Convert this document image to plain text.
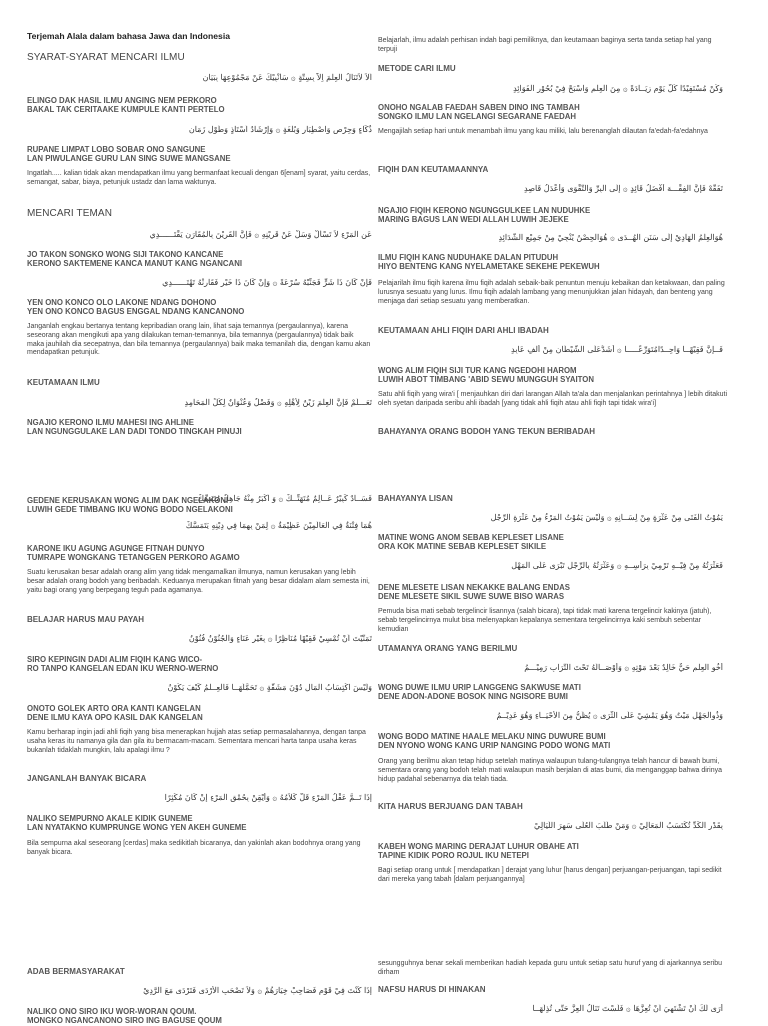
Terjemah Alala dalam bahasa Jawa dan Indonesia
SYARAT-SYARAT MENCARI ILMU
اَلاَ لاَتَنَالُ الْعِلْمَ اِلاَّ بِسِتَّةٍ ۞ سَأُنْبِيْكَ عَنْ مَجْمُوْعِهَا بِبَيَانٍ

ELINGO DAK HASIL ILMU ANGING NEM PERKORO
BAKAL TAK CERITAAKE KUMPULE KANTI PERTELO

ذُكَاءٍ وَحِرْصٍ وَاصْطِبَارٍ وَبُلْغَةٍ ۞ وَإِرْشَادُ اُسْتَاذٍ وَطُوْلِ زَمَانٍ

RUPANE LIMPAT LOBO SOBAR ONO SANGUNE
LAN PIWULANGE GURU LAN SING SUWE MANGSANE

Ingatlah..... kalian tidak akan mendapatkan ilmu yang bermanfaat kecuali dengan 6[enam] syarat, yaitu cerdas, semangat, sabar, biaya, petunjuk ustadz dan lama waktunya.

MENCARI TEMAN
عَنِ الْمَرْءِ لاَ تَسْأَلْ وَسَلْ عَنْ قَرِيْنِهِ ۞ فَإِنَّ الْقَرِيْنَ بِالْمُقَارَنِ يَقْتَــــــدِي

JO TAKON SONGKO WONG SIJI TAKONO KANCANE
KERONO SAKTEMENE KANCA MANUT KANG NGANCANI

فَإِنْ كَانَ ذَا شَرٍّ فَجَنِّبْهُ سُرْعَةً ۞ وَإِنْ كَانَ ذَا خَيْرٍ فَقَارِنْهُ تَهْتَــــــدِي

YEN ONO KONCO OLO LAKONE NDANG DOHONO
YEN ONO KONCO BAGUS ENGGAL NDANG KANCANONO

Janganlah engkau bertanya tentang kepribadian orang lain, lihat saja temannya (pergaulannya), karena seseorang akan mengikuti apa yang dilakukan teman-temannya, bila temannya (pergaulannya) tidak baik maka jauhilah dia secepatnya, dan bila temannya (pergaulannya) baik maka temanilah dia, dengan kamu akan mendapatkan petunjuk.

KEUTAMAAN ILMU
تَعَـــلَّمْ فَإِنَّ الْعِلْمَ زَيْنٌ لِأَهْلِهِ ۞ وَفَضْلٌ وَعُنْوَانٌ لِكُلِّ الْمَحَامِدِ

NGAJIO KERONO ILMU MAHESI ING AHLINE
LAN NGUNGGULAKE LAN DADI TONDO TINGKAH PINUJI

فَسَــادٌ كَبِيْرٌ عَــالِمٌ مُتَهَتِّــكٌ ۞ وَ اَكْبَرُ مِنْهُ جَاهِلٌ مُتَنَسِّكٌ

GEDENE KERUSAKAN WONG ALIM DAK NGELAKONI
LUWIH GEDE TIMBANG IKU WONG BODO NGELAKONI

هُمَا فِتْنَةٌ فِي الْعَالَمِيْنَ عَظِيْمَةٌ ۞ لِمَنْ بِهِمَا فِي دِيْنِهِ يَتَمَسَّكٌ

KARONE IKU AGUNG AGUNGE FITNAH DUNYO
TUMRAPE WONGKANG TETANGGEN PERKORO AGAMO

Suatu kerusakan besar adalah orang alim yang tidak mengamalkan ilmunya, namun kerusakan yang lebih besar adalah orang bodoh yang beribadah. Keduanya merupakan fitnah yang besar didalam alam semesta ini, yaitu bagi orang yang berpegang teguh pada agamanya.

BELAJAR HARUS MAU PAYAH
تَمَنَّيْتَ اَنْ تُمْسِيْ فَقِيْهًا مُنَاظِرًا ۞ بِغَيْرِ عَنَاءٍ وَالْجُنُوْنُ فُنُوْنُ

SIRO KEPINGIN DADI ALIM FIQIH KANG WICO-
RO TANPO KANGELAN EDAN IKU WERNO-WERNO

وَلَيْسَ اكْتِسَابُ الْمَالِ دُوْنَ مَشَقَّةٍ ۞ تَحَمَّلُهَــا فَالْعِــلْمُ كَيْفَ يَكُوْنُ

ONOTO GOLEK ARTO ORA KANTI KANGELAN
DENE ILMU KAYA OPO KASIL DAK KANGELAN

Kamu berharap ingin jadi ahli fiqih yang bisa menerapkan hujjah atas setiap permasalahannya, dengan tanpa usaha keras itu namanya gila dan gila itu bermacam-macam. Sementara mencari harta tanpa usaha keras bukanlah tidaklah mungkin, lalu apalagi ilmu ?

JANGANLAH BANYAK BICARA
إِذَا تَــمَّ عَقْلُ الْمَرْءِ قَلَّ كَلاَمُهُ ۞ وَأَيْقِنْ بِحُمْقِ الْمَرْءِ إِنْ كَانَ مُكْثِرًا

NALIKO SEMPURNO AKALE KIDIK GUNEME
LAN NYATAKNO KUMPRUNGE WONG YEN AKEH GUNEME

Bila sempurna akal seseorang [cerdas] maka sedikitlah bicaranya, dan yakinlah akan bodohnya orang yang banyak bicara.

ADAB BERMASYARAKAT
إِذَا كُنْتَ فِيْ قَوْمٍ فَصَاحِبْ خِيَارَهُمْ ۞ وَلاَ تَصْحَبِ الْأَرْدَى فَتَرْدَى مَعَ الرَّدِيْ

NALIKO ONO SIRO IKU WOR-WORAN QOUM.
MONGKO NGANCANONO SIRO ING BAGUSE QOUM

Belajarlah, ilmu adalah perhisan indah bagi pemiliknya, dan keutamaan baginya serta tanda setiap hal yang terpuji

METODE CARI ILMU
وَكُنْ مُسْتَفِيْدًا كُلَّ يَوْمٍ زِيَــادَةً ۞ مِنَ الْعِلْمِ وَاسْبَحْ فِيْ بُحُوْرِ الْفَوَائِدِ

ONOHO NGALAB FAEDAH SABEN DINO ING TAMBAH
SONGKO ILMU LAN NGELANGI SEGARANE FAEDAH

Mengajilah setiap hari untuk menambah ilmu yang kau miliki, lalu berenanglah dilautan fa'edah-fa'edahnya

FIQIH DAN KEUTAMAANNYA
تَفَقَّهْ فَإِنَّ الْفِقْـــهَ أَفْضَلُ قَائِدٍ ۞ إِلَى الْبِرِّ وَالتَّقْوَى وَأَعْدَلُ قَاصِدِ

NGAJIO FIQIH KERONO NGUNGGULKEE LAN NUDUHKE
MARING BAGUS LAN WEDI ALLAH LUWIH JEJEKE

هُوَالْعِلْمُ الْهَادِيْ إِلَى سَنَنِ الْهُــدَى ۞ هُوَالْحِصْنُ يُنْجِيْ مِنْ جَمِيْعِ الشَّدَائِدِ

ILMU FIQIH KANG NUDUHAKE DALAN PITUDUH
HIYO BENTENG KANG NYELAMETAKE SEKEHE PEKEWUH

Pelajarilah ilmu fiqih karena ilmu fiqih adalah sebaik-baik penuntun menuju kebaikan dan ketakwaan, dan paling lurusnya sesuatu yang lurus. Ilmu fiqih adalah lambang yang menunjukkan jalan hidayah, dan benteng yang menjaga dari setiap sesuatu yang memberatkan.

KEUTAMAAN AHLI FIQIH DARI AHLI IBADAH
فَــإِنَّ فَقِيْهًــا وَاحِــدًامُتَوَرِّعًـــــا ۞ أَشَدُّعَلَى الشَّيْطَانِ مِنْ أَلْفِ عَابِدِ

WONG ALIM FIQIH SIJI TUR KANG NGEDOHI HAROM
LUWIH ABOT TIMBANG 'ABID SEWU MUNGGUH SYAITON

Satu ahli fiqih yang wira'i [ menjauhkan diri dari larangan Allah ta'ala dan menjalankan perintahnya ] lebih ditakuti oleh syetan daripada seribu ahli ibadah [yang tidak ahli fiqih atau ahli fiqih tapi tidak wira'i]

BAHAYANYA ORANG BODOH YANG TEKUN BERIBADAH
BAHAYANYA LISAN
يَمُوْتُ الْفَتَى مِنْ عَثْرَةٍ مِنْ لِسَــانِهِ ۞ وَلَيْسَ يَمُوْتُ الْمَرْءُ مِنْ عَثْرَةِ الرِّجْلِ

MATINE WONG ANOM SEBAB KEPLESET LISANE
ORA KOK MATINE SEBAB KEPLESET SIKILE

فَعَثْرَتُهُ مِنْ فِيْــهِ تَرْمِيْ بِرَأْسِــهِ ۞ وَعَثْرَتُهُ بِالرِّجْلِ تَبْرَى عَلَى الْمَهْلِ

DENE MLESETE LISAN NEKAKKE BALANG ENDAS
DENE MLESETE SIKIL SUWE SUWE BISO WARAS

Pemuda bisa mati sebab tergelincir lisannya (salah bicara), tapi tidak mati karena tergelincir kakinya (jatuh), sebab tergelincirnya mulut bisa melenyapkan kepalanya sementara tergelincirnya kaki sembuh sebentar kemudian

UTAMANYA ORANG YANG BERILMU
أَخُو الْعِلْمِ حَيٌّ خَالِدٌ بَعْدَ مَوْتِهِ ۞ وَأَوْصَــالُهُ تَحْتَ التُّرَابِ رَمِيْـــمُ

WONG DUWE ILMU URIP LANGGENG SAKWUSE MATI
DENE ADON-ADONE BOSOK NING NGISORE BUMI

وَذُوالْجَهْلِ مَيْتٌ وَهُوَ يَمْشِيْ عَلَى الثَّرَى ۞ يُظَنُّ مِنَ الْأَحْيَــاءِ وَهُوَ عَدِيْــمُ

WONG BODO MATINE HAALE MELAKU NING DUWURE BUMI
DEN NYONO WONG KANG URIP NANGING PODO WONG MATI

Orang yang berilmu akan tetap hidup setelah matinya walaupun tulang-tulangnya telah hancur di bawah bumi, sementara orang yang bodoh telah mati walaupun masih berjalan di atas bumi, dia menganggap bahwa dirinya hidup padahal sebenarnya dia telah tiada.

KITA HARUS BERJUANG DAN TABAH
بِقَدْرِ الْكَدِّ تُكْتَسَبُ الْمَعَالِيْ ۞ وَمَنْ طَلَبَ الْعُلَى سَهِرَ اللَّيَالِيْ

KABEH WONG MARING DERAJAT LUHUR OBAHE ATI
TAPINE KIDIK PORO ROJUL IKU NETEPI

Bagi setiap orang untuk [ mendapatkan ] derajat yang luhur [harus dengan] perjuangan-perjuangan, tapi sedikit dari mereka yang tabah [dalam perjuangannya]

sesungguhnya benar sekali memberikan hadiah kepada guru untuk setiap satu huruf yang di ajarkannya seribu dirham

NAFSU HARUS DI HINAKAN
أَرَى لَكَ اَنْ تَشْتَهِيَ اَنْ تُعِزَّهَا ۞ فَلَسْتَ تَنَالُ الْعِزَّ حَتَّى تُذِلَّهَــا
